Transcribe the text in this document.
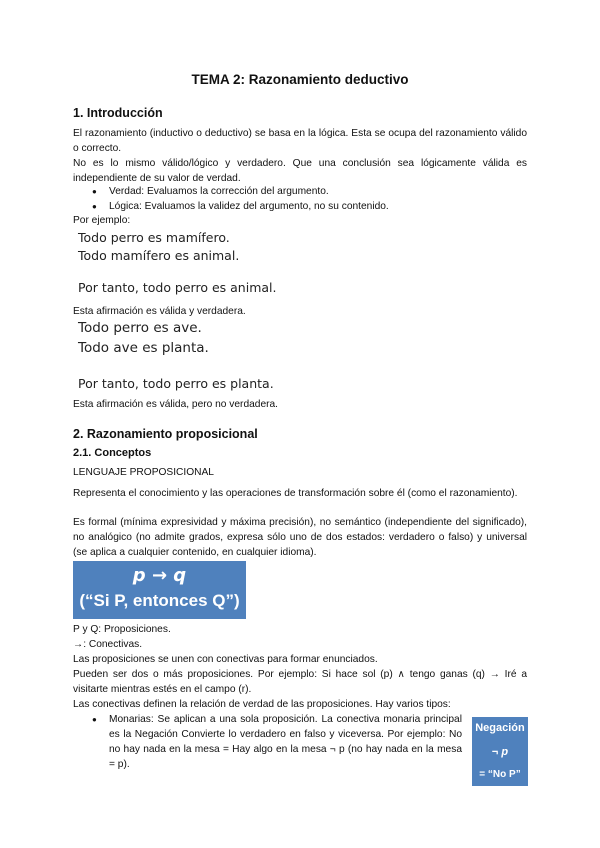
TEMA 2: Razonamiento deductivo
1. Introducción
El razonamiento (inductivo o deductivo) se basa en la lógica. Esta se ocupa del razonamiento válido o correcto.
No es lo mismo válido/lógico y verdadero. Que una conclusión sea lógicamente válida es independiente de su valor de verdad.
● Verdad: Evaluamos la corrección del argumento.
● Lógica: Evaluamos la validez del argumento, no su contenido.
Por ejemplo:
Todo perro es mamífero.
Todo mamífero es animal.
Por tanto, todo perro es animal.
Esta afirmación es válida y verdadera.
Todo perro es ave.
Todo ave es planta.
Por tanto, todo perro es planta.
Esta afirmación es válida, pero no verdadera.
2. Razonamiento proposicional
2.1. Conceptos
LENGUAJE PROPOSICIONAL
Representa el conocimiento y las operaciones de transformación sobre él (como el razonamiento).
Es formal (mínima expresividad y máxima precisión), no semántico (independiente del significado), no analógico (no admite grados, expresa sólo uno de dos estados: verdadero o falso) y universal (se aplica a cualquier contenido, en cualquier idioma).
p → q
(“Si P, entonces Q”)
P y Q: Proposiciones.
→: Conectivas.
Las proposiciones se unen con conectivas para formar enunciados.
Pueden ser dos o más proposiciones. Por ejemplo: Si hace sol (p) ∧ tengo ganas (q) → Iré a visitarte mientras estés en el campo (r).
Las conectivas definen la relación de verdad de las proposiciones. Hay varios tipos:
● Monarias: Se aplican a una sola proposición. La conectiva monaria principal es la Negación Convierte lo verdadero en falso y viceversa. Por ejemplo: No no hay nada en la mesa = Hay algo en la mesa ¬ p (no hay nada en la mesa = p).
Negación
¬ p
= “No P”
